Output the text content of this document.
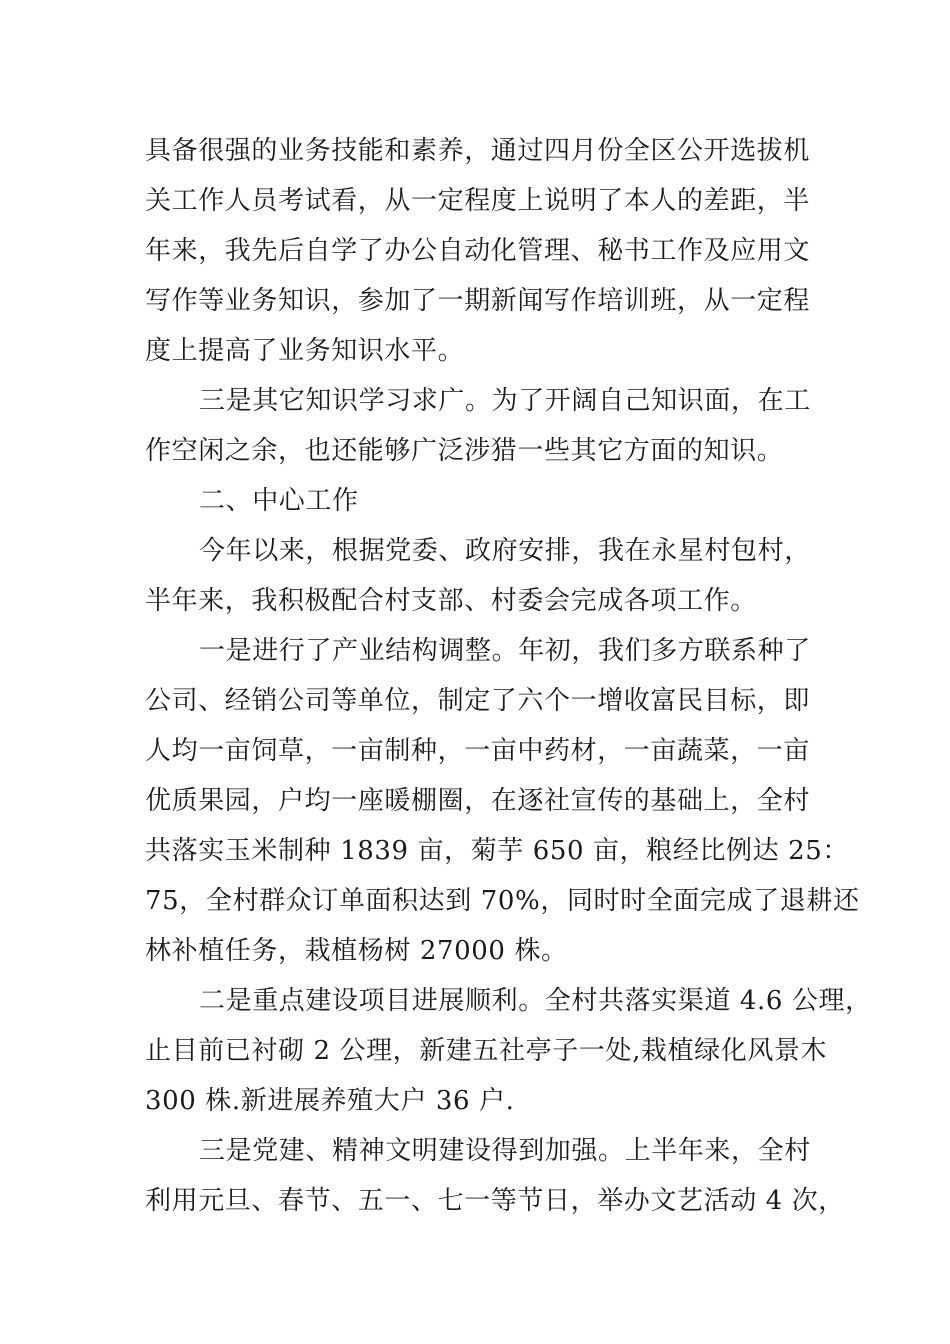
具备很强的业务技能和素养，通过四月份全区公开选拔机
关工作人员考试看，从一定程度上说明了本人的差距，半
年来，我先后自学了办公自动化管理、秘书工作及应用文
写作等业务知识，参加了一期新闻写作培训班，从一定程
度上提高了业务知识水平。
三是其它知识学习求广。为了开阔自己知识面，在工
作空闲之余，也还能够广泛涉猎一些其它方面的知识。
二、中心工作
今年以来，根据党委、政府安排，我在永星村包村，
半年来，我积极配合村支部、村委会完成各项工作。
一是进行了产业结构调整。年初，我们多方联系种了
公司、经销公司等单位，制定了六个一增收富民目标，即
人均一亩饲草，一亩制种，一亩中药材，一亩蔬菜，一亩
优质果园，户均一座暖棚圈，在逐社宣传的基础上，全村
共落实玉米制种 1839 亩，菊芋 650 亩，粮经比例达 25：
75，全村群众订单面积达到 70%，同时时全面完成了退耕还
林补植任务，栽植杨树 27000 株。
二是重点建设项目进展顺利。全村共落实渠道 4.6 公理，
止目前已衬砌 2 公理，新建五社亭子一处,栽植绿化风景木
300 株.新进展养殖大户 36 户.
三是党建、精神文明建设得到加强。上半年来，全村
利用元旦、春节、五一、七一等节日，举办文艺活动 4 次，
